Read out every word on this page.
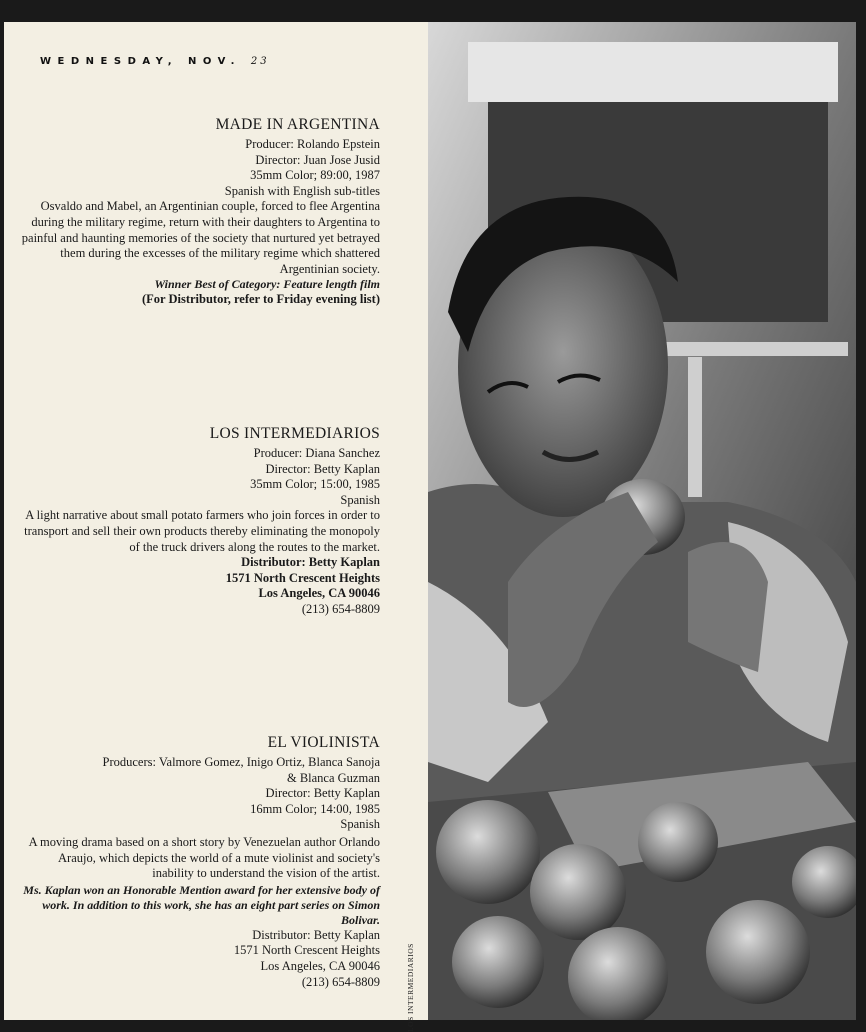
WEDNESDAY, NOV. 23
MADE IN ARGENTINA
Producer: Rolando Epstein
Director: Juan Jose Jusid
35mm Color; 89:00, 1987
Spanish with English sub-titles
Osvaldo and Mabel, an Argentinian couple, forced to flee Argentina during the military regime, return with their daughters to Argentina to painful and haunting memories of the society that nurtured yet betrayed them during the excesses of the military regime which shattered Argentinian society.
Winner Best of Category: Feature length film
(For Distributor, refer to Friday evening list)
LOS INTERMEDIARIOS
Producer: Diana Sanchez
Director: Betty Kaplan
35mm Color; 15:00, 1985
Spanish
A light narrative about small potato farmers who join forces in order to transport and sell their own products thereby eliminating the monopoly of the truck drivers along the routes to the market.
Distributor: Betty Kaplan
1571 North Crescent Heights
Los Angeles, CA 90046
(213) 654-8809
EL VIOLINISTA
Producers: Valmore Gomez, Inigo Ortiz, Blanca Sanoja
& Blanca Guzman
Director: Betty Kaplan
16mm Color; 14:00, 1985
Spanish
A moving drama based on a short story by Venezuelan author Orlando Araujo, which depicts the world of a mute violinist and society's inability to understand the vision of the artist.
Ms. Kaplan won an Honorable Mention award for her extensive body of work. In addition to this work, she has an eight part series on Simon Bolivar.
Distributor: Betty Kaplan
1571 North Crescent Heights
Los Angeles, CA 90046
(213) 654-8809	LOS INTERMEDIARIOS
